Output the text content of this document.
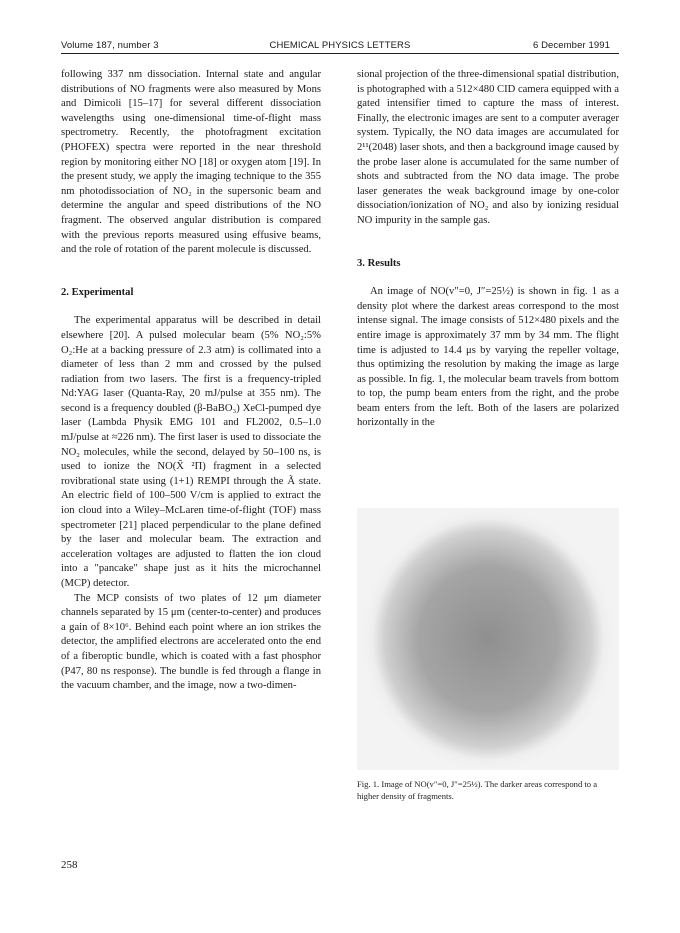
Volume 187, number 3	CHEMICAL PHYSICS LETTERS	6 December 1991

following 337 nm dissociation. Internal state and angular distributions of NO fragments were also measured by Mons and Dimicoli [15–17] for several different dissociation wavelengths using one-dimensional time-of-flight mass spectrometry. Recently, the photofragment excitation (PHOFEX) spectra were reported in the near threshold region by monitoring either NO [18] or oxygen atom [19]. In the present study, we apply the imaging technique to the 355 nm photodissociation of NO₂ in the supersonic beam and determine the angular and speed distributions of the NO fragment. The observed angular distribution is compared with the previous reports measured using effusive beams, and the role of rotation of the parent molecule is discussed.

2. Experimental

The experimental apparatus will be described in detail elsewhere [20]. A pulsed molecular beam (5% NO₂:5% O₂:He at a backing pressure of 2.3 atm) is collimated into a diameter of less than 2 mm and crossed by the pulsed radiation from two lasers. The first is a frequency-tripled Nd:YAG laser (Quanta-Ray, 20 mJ/pulse at 355 nm). The second is a frequency doubled (β-BaBO₃) XeCl-pumped dye laser (Lambda Physik EMG 101 and FL2002, 0.5–1.0 mJ/pulse at ≈226 nm). The first laser is used to dissociate the NO₂ molecules, while the second, delayed by 50–100 ns, is used to ionize the NO(X̃ ²Π) fragment in a selected rovibrational state using (1+1) REMPI through the Ã state. An electric field of 100–500 V/cm is applied to extract the ion cloud into a Wiley–McLaren time-of-flight (TOF) mass spectrometer [21] placed perpendicular to the plane defined by the laser and molecular beam. The extraction and acceleration voltages are adjusted to flatten the ion cloud into a "pancake" shape just as it hits the microchannel (MCP) detector.

The MCP consists of two plates of 12 μm diameter channels separated by 15 μm (center-to-center) and produces a gain of 8×10⁶. Behind each point where an ion strikes the detector, the amplified electrons are accelerated onto the end of a fiberoptic bundle, which is coated with a fast phosphor (P47, 80 ns response). The bundle is fed through a flange in the vacuum chamber, and the image, now a two-dimen-

sional projection of the three-dimensional spatial distribution, is photographed with a 512×480 CID camera equipped with a gated intensifier timed to capture the mass of interest. Finally, the electronic images are sent to a computer averager system. Typically, the NO data images are accumulated for 2¹¹(2048) laser shots, and then a background image caused by the probe laser alone is accumulated for the same number of shots and subtracted from the NO data image. The probe laser generates the weak background image by one-color dissociation/ionization of NO₂ and also by ionizing residual NO impurity in the sample gas.

3. Results

An image of NO(v″=0, J″=25½) is shown in fig. 1 as a density plot where the darkest areas correspond to the most intense signal. The image consists of 512×480 pixels and the entire image is approximately 37 mm by 34 mm. The flight time is adjusted to 14.4 μs by varying the repeller voltage, thus optimizing the resolution by making the image as large as possible. In fig. 1, the molecular beam travels from bottom to top, the pump beam enters from the right, and the probe beam enters from the left. Both of the lasers are polarized horizontally in the

Fig. 1. Image of NO(v″=0, J″=25½). The darker areas correspond to a higher density of fragments.
258
